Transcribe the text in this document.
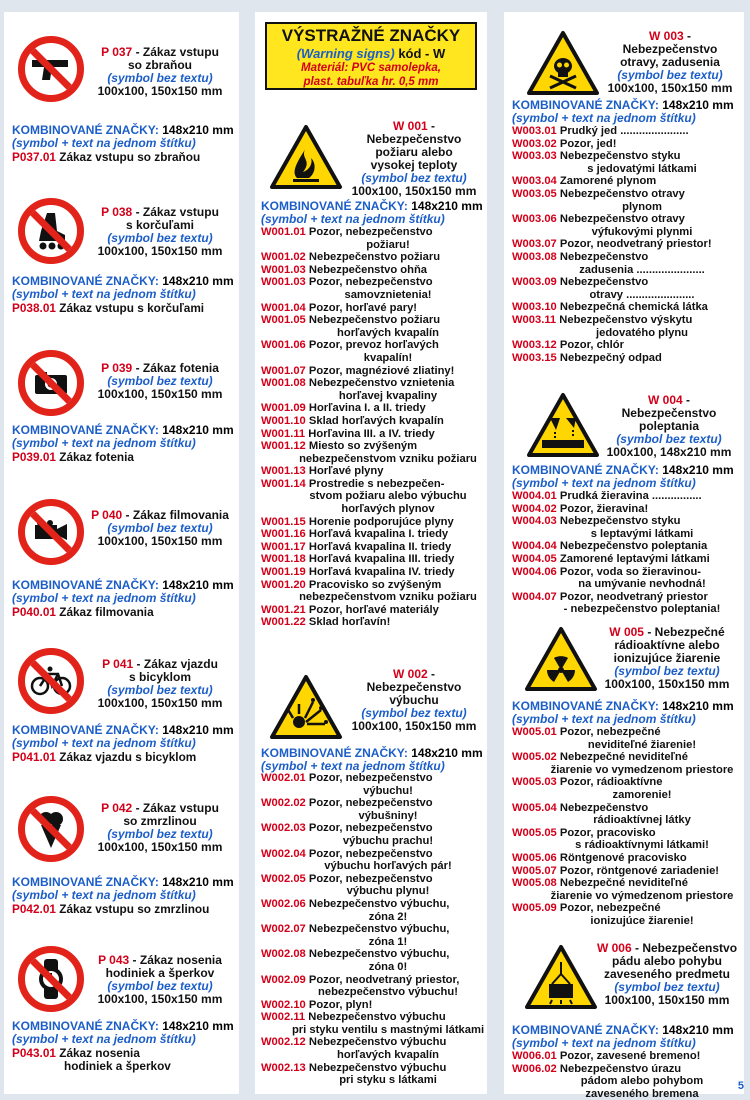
P 037 - Zákaz vstupu
so zbraňou
(symbol bez textu)
100x100, 150x150 mm
KOMBINOVANÉ ZNAČKY: 148x210 mm
(symbol + text na jednom štítku)
P037.01 Zákaz vstupu so zbraňou
P 038 - Zákaz vstupu
s korčuľami
(symbol bez textu)
100x100, 150x150 mm
KOMBINOVANÉ ZNAČKY: 148x210 mm
(symbol + text na jednom štítku)
P038.01 Zákaz vstupu s korčuľami
P 039 - Zákaz fotenia
(symbol bez textu)
100x100, 150x150 mm
KOMBINOVANÉ ZNAČKY: 148x210 mm
(symbol + text na jednom štítku)
P039.01 Zákaz fotenia
P 040 - Zákaz filmovania
(symbol bez textu)
100x100, 150x150 mm
KOMBINOVANÉ ZNAČKY: 148x210 mm
(symbol + text na jednom štítku)
P040.01 Zákaz filmovania
P 041 - Zákaz vjazdu
s bicyklom
(symbol bez textu)
100x100, 150x150 mm
KOMBINOVANÉ ZNAČKY: 148x210 mm
(symbol + text na jednom štítku)
P041.01 Zákaz vjazdu s bicyklom
P 042 - Zákaz vstupu
so zmrzlinou
(symbol bez textu)
100x100, 150x150 mm
KOMBINOVANÉ ZNAČKY: 148x210 mm
(symbol + text na jednom štítku)
P042.01 Zákaz vstupu so zmrzlinou
P 043 - Zákaz nosenia
hodiniek a šperkov
(symbol bez textu)
100x100, 150x150 mm
KOMBINOVANÉ ZNAČKY: 148x210 mm
(symbol + text na jednom štítku)
P043.01 Zákaz nosenia
hodiniek a šperkov
VÝSTRAŽNÉ ZNAČKY
(Warning signs) kód - W
Materiál: PVC samolepka,
plast. tabuľka hr. 0,5 mm
W 001 - Nebezpečenstvo
požiaru alebo
vysokej teploty
(symbol bez textu)
100x100, 150x150 mm
KOMBINOVANÉ ZNAČKY: 148x210 mm
(symbol + text na jednom štítku)
W001.01 Pozor, nebezpečenstvo
požiaru!
W001.02 Nebezpečenstvo požiaru
W001.03 Nebezpečenstvo ohňa
W001.03 Pozor, nebezpečenstvo
samovznietenia!
W001.04 Pozor, horľavé pary!
W001.05 Nebezpečenstvo požiaru
horľavých kvapalín
W001.06 Pozor, prevoz horľavých
kvapalín!
W001.07 Pozor, magnéziové zliatiny!
W001.08 Nebezpečenstvo vznietenia
horľavej kvapaliny
W001.09 Horľavina I. a II. triedy
W001.10 Sklad horľavých kvapalín
W001.11 Horľavina III. a IV. triedy
W001.12 Miesto so zvýšeným
nebezpečenstvom vzniku požiaru
W001.13 Horľavé plyny
W001.14 Prostredie s nebezpečen-
stvom požiaru alebo výbuchu
horľavých plynov
W001.15 Horenie podporujúce plyny
W001.16 Horľavá kvapalina I. triedy
W001.17 Horľavá kvapalina II. triedy
W001.18 Horľavá kvapalina III. triedy
W001.19 Horľavá kvapalina IV. triedy
W001.20 Pracovisko so zvýšeným
nebezpečenstvom vzniku požiaru
W001.21 Pozor, horľavé materiály
W001.22 Sklad horľavín!
W 002 - Nebezpečenstvo
výbuchu
(symbol bez textu)
100x100, 150x150 mm
KOMBINOVANÉ ZNAČKY: 148x210 mm
(symbol + text na jednom štítku)
W002.01 Pozor, nebezpečenstvo
výbuchu!
W002.02 Pozor, nebezpečenstvo
výbušniny!
W002.03 Pozor, nebezpečenstvo
výbuchu prachu!
W002.04 Pozor, nebezpečenstvo
výbuchu horľavých pár!
W002.05 Pozor, nebezpečenstvo
výbuchu plynu!
W002.06 Nebezpečenstvo výbuchu,
zóna 2!
W002.07 Nebezpečenstvo výbuchu,
zóna 1!
W002.08 Nebezpečenstvo výbuchu,
zóna 0!
W002.09 Pozor, neodvetraný priestor,
nebezpečenstvo výbuchu!
W002.10 Pozor, plyn!
W002.11 Nebezpečenstvo výbuchu
pri styku ventilu s mastnými látkami
W002.12 Nebezpečenstvo výbuchu
horľavých kvapalín
W002.13 Nebezpečenstvo výbuchu
pri styku s látkami
W 003 - Nebezpečenstvo
otravy, zadusenia
(symbol bez textu)
100x100, 150x150 mm
KOMBINOVANÉ ZNAČKY: 148x210 mm
(symbol + text na jednom štítku)
W003.01 Prudký jed ......................
W003.02 Pozor, jed!
W003.03 Nebezpečenstvo styku
s jedovatými látkami
W003.04 Zamorené plynom
W003.05 Nebezpečenstvo otravy
plynom
W003.06 Nebezpečenstvo otravy
výfukovými plynmi
W003.07 Pozor, neodvetraný priestor!
W003.08 Nebezpečenstvo
zadusenia ......................
W003.09 Nebezpečenstvo
otravy ......................
W003.10 Nebezpečná chemická látka
W003.11 Nebezpečenstvo výskytu
jedovatého plynu
W003.12 Pozor, chlór
W003.15 Nebezpečný odpad
W 004 - Nebezpečenstvo
poleptania
(symbol bez textu)
100x100, 148x210 mm
KOMBINOVANÉ ZNAČKY: 148x210 mm
(symbol + text na jednom štítku)
W004.01 Prudká žieravina ................
W004.02 Pozor, žieravina!
W004.03 Nebezpečenstvo styku
s leptavými látkami
W004.04 Nebezpečenstvo poleptania
W004.05 Zamorené leptavými látkami
W004.06 Pozor, voda so žieravinou-
na umývanie nevhodná!
W004.07 Pozor, neodvetraný priestor
- nebezpečenstvo poleptania!
W 005 - Nebezpečné
rádioaktívne alebo
ionizujúce žiarenie
(symbol bez textu)
100x100, 150x150 mm
KOMBINOVANÉ ZNAČKY: 148x210 mm
(symbol + text na jednom štítku)
W005.01 Pozor, nebezpečné
neviditeľné žiarenie!
W005.02 Nebezpečné neviditeľné
žiarenie vo vymedzenom priestore
W005.03 Pozor, rádioaktívne
zamorenie!
W005.04 Nebezpečenstvo
rádioaktívnej látky
W005.05 Pozor, pracovisko
s rádioaktívnymi látkami!
W005.06 Röntgenové pracovisko
W005.07 Pozor, röntgenové zariadenie!
W005.08 Nebezpečné neviditeľné
žiarenie vo výmedzenom priestore
W005.09 Pozor, nebezpečné
ionizujúce žiarenie!
W 006 - Nebezpečenstvo
pádu alebo pohybu
zaveseného predmetu
(symbol bez textu)
100x100, 150x150 mm
KOMBINOVANÉ ZNAČKY: 148x210 mm
(symbol + text na jednom štítku)
W006.01 Pozor, zavesené bremeno!
W006.02 Nebezpečenstvo úrazu
pádom alebo pohybom
zaveseného bremena
5
